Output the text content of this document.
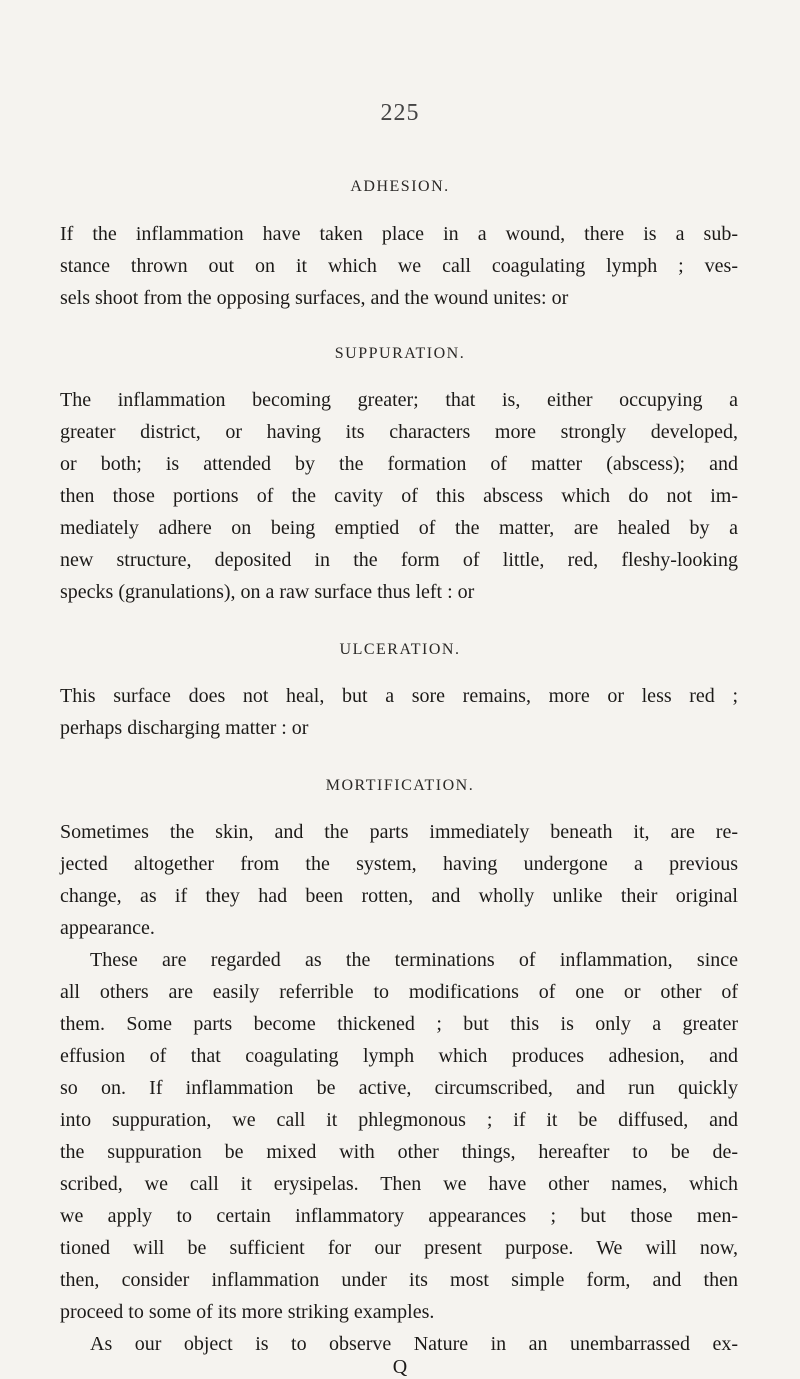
225
ADHESION.
If the inflammation have taken place in a wound, there is a sub-
stance thrown out on it which we call coagulating lymph ; ves-
sels shoot from the opposing surfaces, and the wound unites: or
SUPPURATION.
The inflammation becoming greater; that is, either occupying a
greater district, or having its characters more strongly developed,
or both; is attended by the formation of matter (abscess); and
then those portions of the cavity of this abscess which do not im-
mediately adhere on being emptied of the matter, are healed by a
new structure, deposited in the form of little, red, fleshy-looking
specks (granulations), on a raw surface thus left : or
ULCERATION.
This surface does not heal, but a sore remains, more or less red ;
perhaps discharging matter : or
MORTIFICATION.
Sometimes the skin, and the parts immediately beneath it, are re-
jected altogether from the system, having undergone a previous
change, as if they had been rotten, and wholly unlike their original
appearance.
These are regarded as the terminations of inflammation, since
all others are easily referrible to modifications of one or other of
them. Some parts become thickened ; but this is only a greater
effusion of that coagulating lymph which produces adhesion, and
so on. If inflammation be active, circumscribed, and run quickly
into suppuration, we call it phlegmonous ; if it be diffused, and
the suppuration be mixed with other things, hereafter to be de-
scribed, we call it erysipelas. Then we have other names, which
we apply to certain inflammatory appearances ; but those men-
tioned will be sufficient for our present purpose. We will now,
then, consider inflammation under its most simple form, and then
proceed to some of its more striking examples.
As our object is to observe Nature in an unembarrassed ex-
Q
